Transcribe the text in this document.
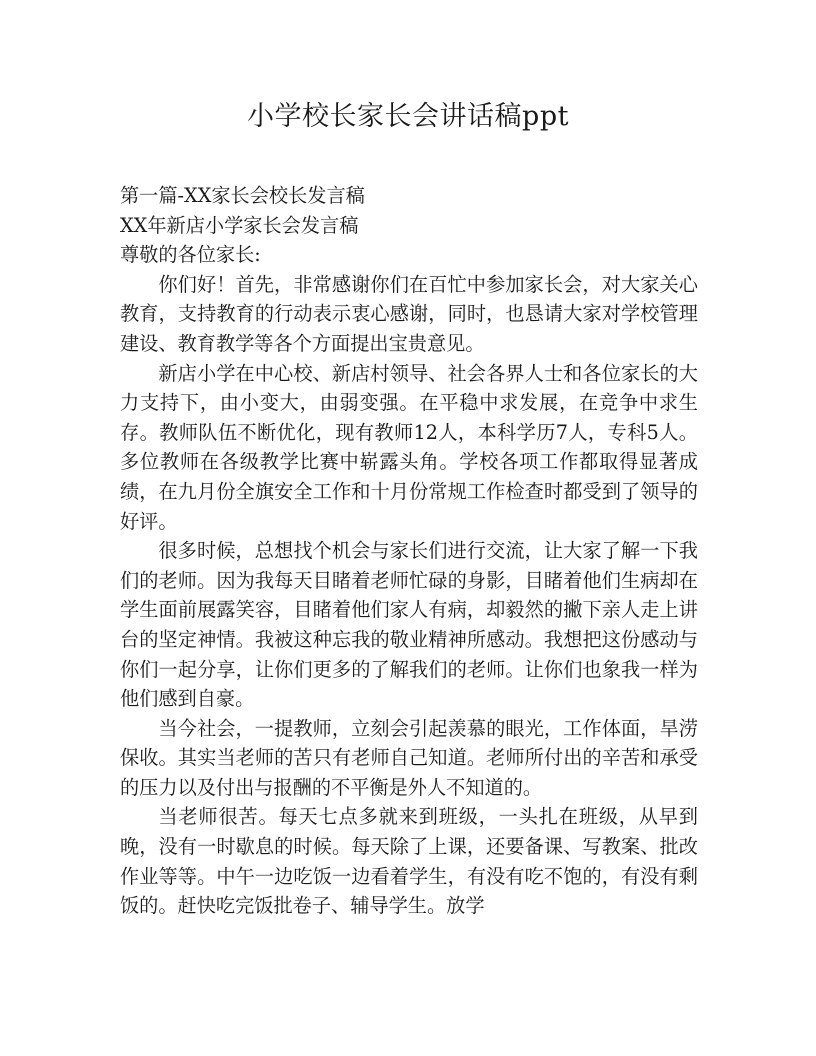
小学校长家长会讲话稿ppt

第一篇-XX家长会校长发言稿

XX年新店小学家长会发言稿

尊敬的各位家长:

你们好！首先，非常感谢你们在百忙中参加家长会，对大家关心教育，支持教育的行动表示衷心感谢，同时，也恳请大家对学校管理建设、教育教学等各个方面提出宝贵意见。

新店小学在中心校、新店村领导、社会各界人士和各位家长的大力支持下，由小变大，由弱变强。在平稳中求发展，在竞争中求生存。教师队伍不断优化，现有教师12人，本科学历7人，专科5人。多位教师在各级教学比赛中崭露头角。学校各项工作都取得显著成绩，在九月份全旗安全工作和十月份常规工作检查时都受到了领导的好评。

很多时候，总想找个机会与家长们进行交流，让大家了解一下我们的老师。因为我每天目睹着老师忙碌的身影，目睹着他们生病却在学生面前展露笑容，目睹着他们家人有病，却毅然的撇下亲人走上讲台的坚定神情。我被这种忘我的敬业精神所感动。我想把这份感动与你们一起分享，让你们更多的了解我们的老师。让你们也象我一样为他们感到自豪。

当今社会，一提教师，立刻会引起羡慕的眼光，工作体面，旱涝保收。其实当老师的苦只有老师自己知道。老师所付出的辛苦和承受的压力以及付出与报酬的不平衡是外人不知道的。

当老师很苦。每天七点多就来到班级，一头扎在班级，从早到晚，没有一时歇息的时候。每天除了上课，还要备课、写教案、批改作业等等。中午一边吃饭一边看着学生，有没有吃不饱的，有没有剩饭的。赶快吃完饭批卷子、辅导学生。放学
